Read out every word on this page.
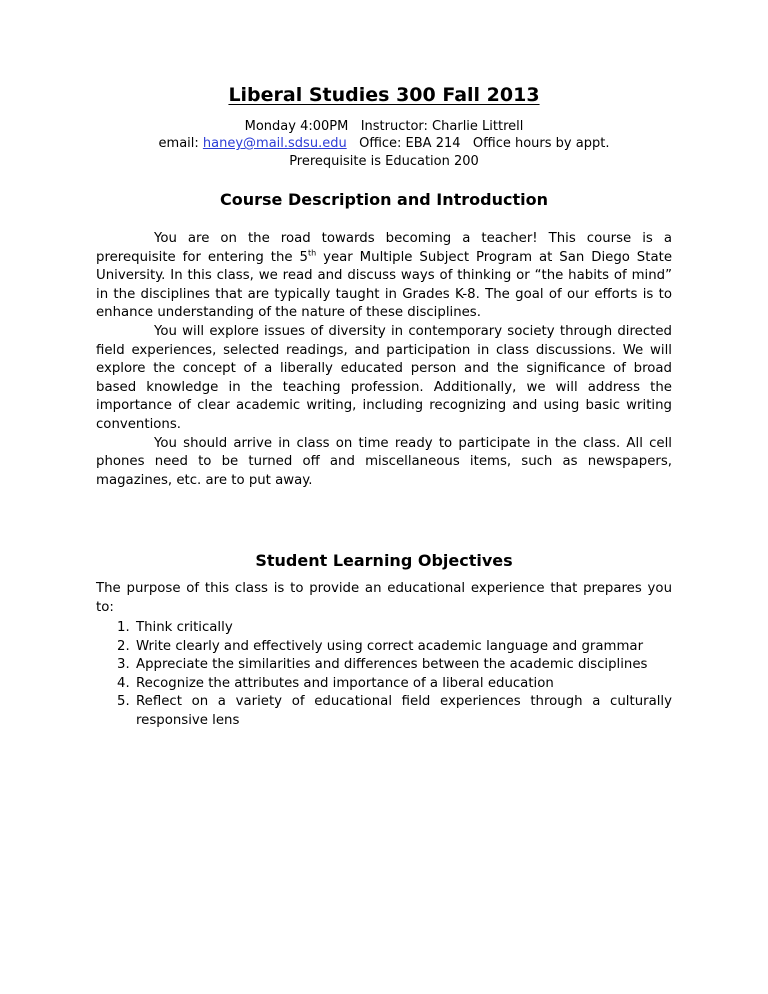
Liberal Studies 300 Fall 2013
Monday 4:00PM   Instructor: Charlie Littrell
email: haney@mail.sdsu.edu   Office: EBA 214   Office hours by appt.
Prerequisite is Education 200
Course Description and Introduction

You are on the road towards becoming a teacher! This course is a prerequisite for entering the 5th year Multiple Subject Program at San Diego State University. In this class, we read and discuss ways of thinking or “the habits of mind” in the disciplines that are typically taught in Grades K-8. The goal of our efforts is to enhance understanding of the nature of these disciplines.

You will explore issues of diversity in contemporary society through directed field experiences, selected readings, and participation in class discussions. We will explore the concept of a liberally educated person and the significance of broad based knowledge in the teaching profession. Additionally, we will address the importance of clear academic writing, including recognizing and using basic writing conventions.

You should arrive in class on time ready to participate in the class. All cell phones need to be turned off and miscellaneous items, such as newspapers, magazines, etc. are to put away.

Student Learning Objectives

The purpose of this class is to provide an educational experience that prepares you to:

1. Think critically
2. Write clearly and effectively using correct academic language and grammar
3. Appreciate the similarities and differences between the academic disciplines
4. Recognize the attributes and importance of a liberal education
5. Reflect on a variety of educational field experiences through a culturally responsive lens
